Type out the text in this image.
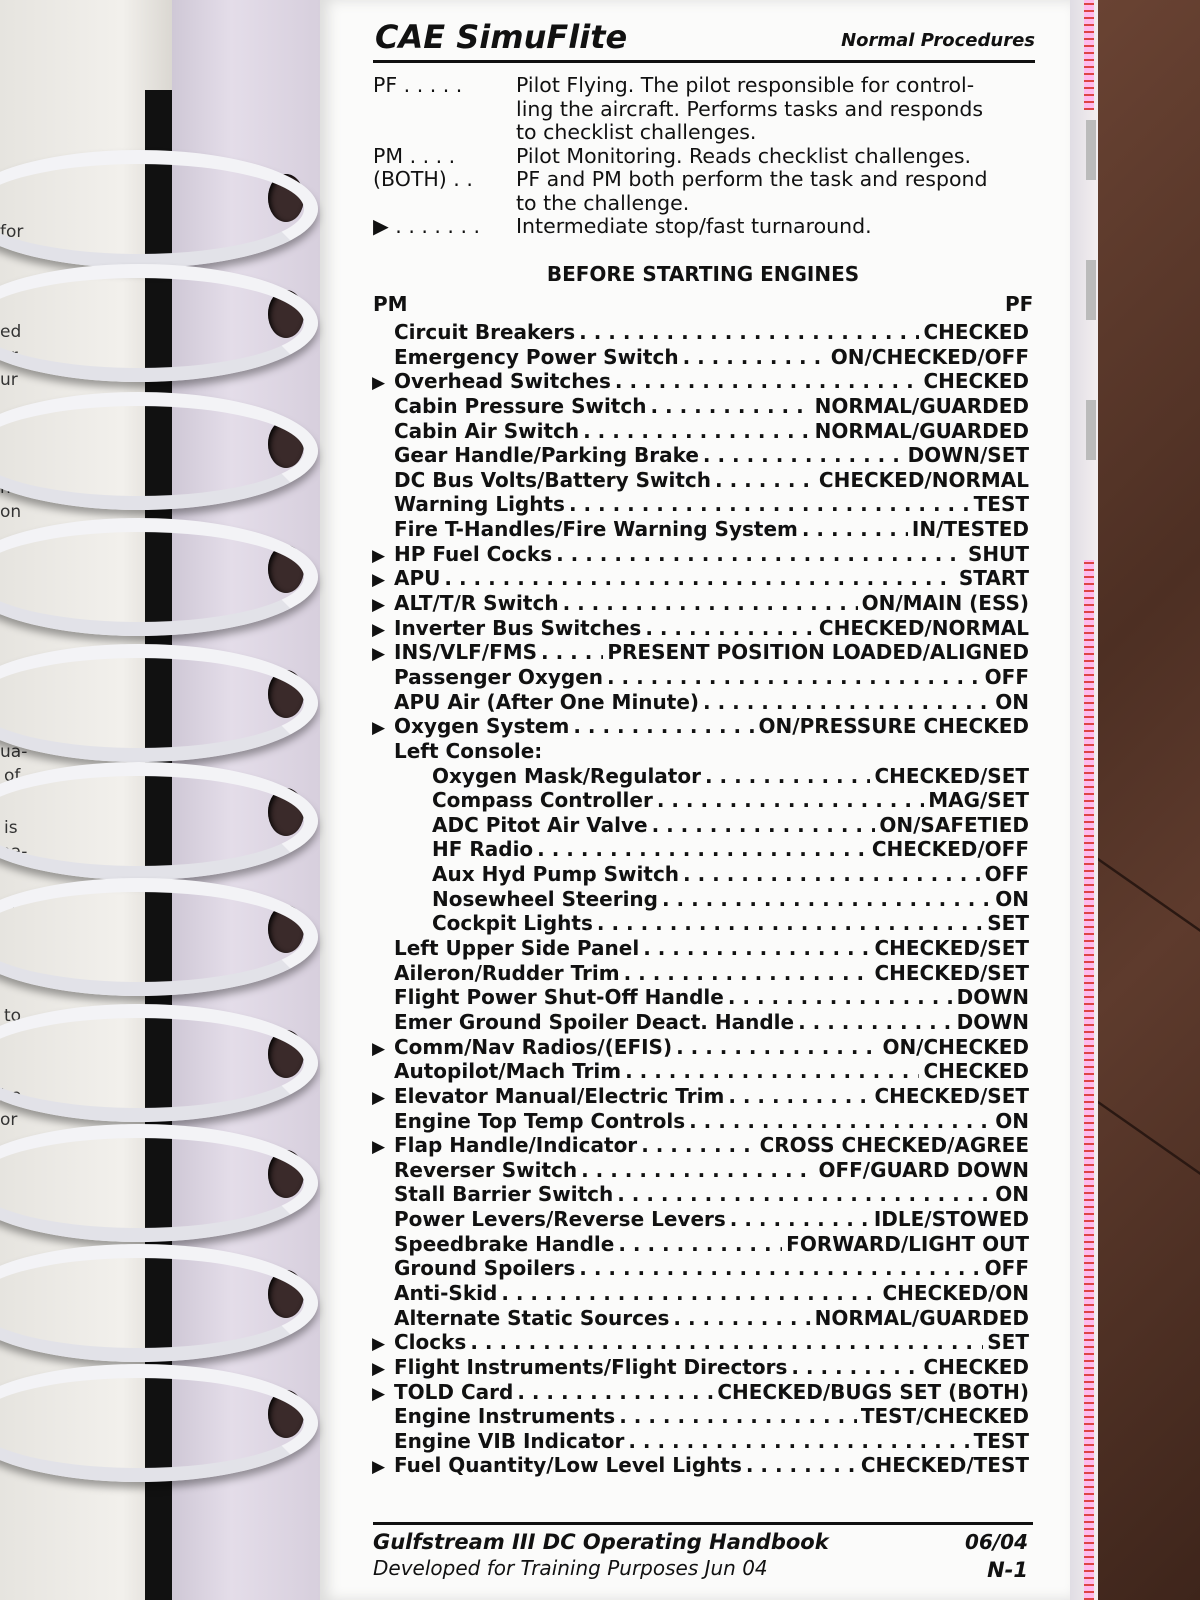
for
ed
ur
ur
ns
on
ua-
of
is
na-
er-
to
be
or
CAE SimuFlite	Normal Procedures
PF . . . . .	Pilot Flying. The pilot responsible for control-
ling the aircraft. Performs tasks and responds
to checklist challenges.
PM . . . .	Pilot Monitoring. Reads checklist challenges.
(BOTH) . .	PF and PM both perform the task and respond
to the challenge.
▶ . . . . . . .	Intermediate stop/fast turnaround.
BEFORE STARTING ENGINES
PM	PF
Circuit Breakers . . .	CHECKED
Emergency Power Switch . . .	ON/CHECKED/OFF
▶ Overhead Switches . . .	CHECKED
Cabin Pressure Switch . . .	NORMAL/GUARDED
Cabin Air Switch . . .	NORMAL/GUARDED
Gear Handle/Parking Brake . . .	DOWN/SET
DC Bus Volts/Battery Switch . . .	CHECKED/NORMAL
Warning Lights . . .	TEST
Fire T-Handles/Fire Warning System . . .	IN/TESTED
▶ HP Fuel Cocks . . .	SHUT
▶ APU . . .	START
▶ ALT/T/R Switch . . .	ON/MAIN (ESS)
▶ Inverter Bus Switches . . .	CHECKED/NORMAL
▶ INS/VLF/FMS . . .	PRESENT POSITION LOADED/ALIGNED
Passenger Oxygen . . .	OFF
APU Air (After One Minute) . . .	ON
▶ Oxygen System . . .	ON/PRESSURE CHECKED
Left Console:
Oxygen Mask/Regulator . . .	CHECKED/SET
Compass Controller . . .	MAG/SET
ADC Pitot Air Valve . . .	ON/SAFETIED
HF Radio . . .	CHECKED/OFF
Aux Hyd Pump Switch . . .	OFF
Nosewheel Steering . . .	ON
Cockpit Lights . . .	SET
Left Upper Side Panel . . .	CHECKED/SET
Aileron/Rudder Trim . . .	CHECKED/SET
Flight Power Shut-Off Handle . . .	DOWN
Emer Ground Spoiler Deact. Handle . . .	DOWN
▶ Comm/Nav Radios/(EFIS) . . .	ON/CHECKED
Autopilot/Mach Trim . . .	CHECKED
▶ Elevator Manual/Electric Trim . . .	CHECKED/SET
Engine Top Temp Controls . . .	ON
▶ Flap Handle/Indicator . . .	CROSS CHECKED/AGREE
Reverser Switch . . .	OFF/GUARD DOWN
Stall Barrier Switch . . .	ON
Power Levers/Reverse Levers . . .	IDLE/STOWED
Speedbrake Handle . . .	FORWARD/LIGHT OUT
Ground Spoilers . . .	OFF
Anti-Skid . . .	CHECKED/ON
Alternate Static Sources . . .	NORMAL/GUARDED
▶ Clocks . . .	SET
▶ Flight Instruments/Flight Directors . . .	CHECKED
▶ TOLD Card . . .	CHECKED/BUGS SET (BOTH)
Engine Instruments . . .	TEST/CHECKED
Engine VIB Indicator . . .	TEST
▶ Fuel Quantity/Low Level Lights . . .	CHECKED/TEST
Gulfstream III DC Operating Handbook
Developed for Training Purposes Jun 04
06/04
N-1
